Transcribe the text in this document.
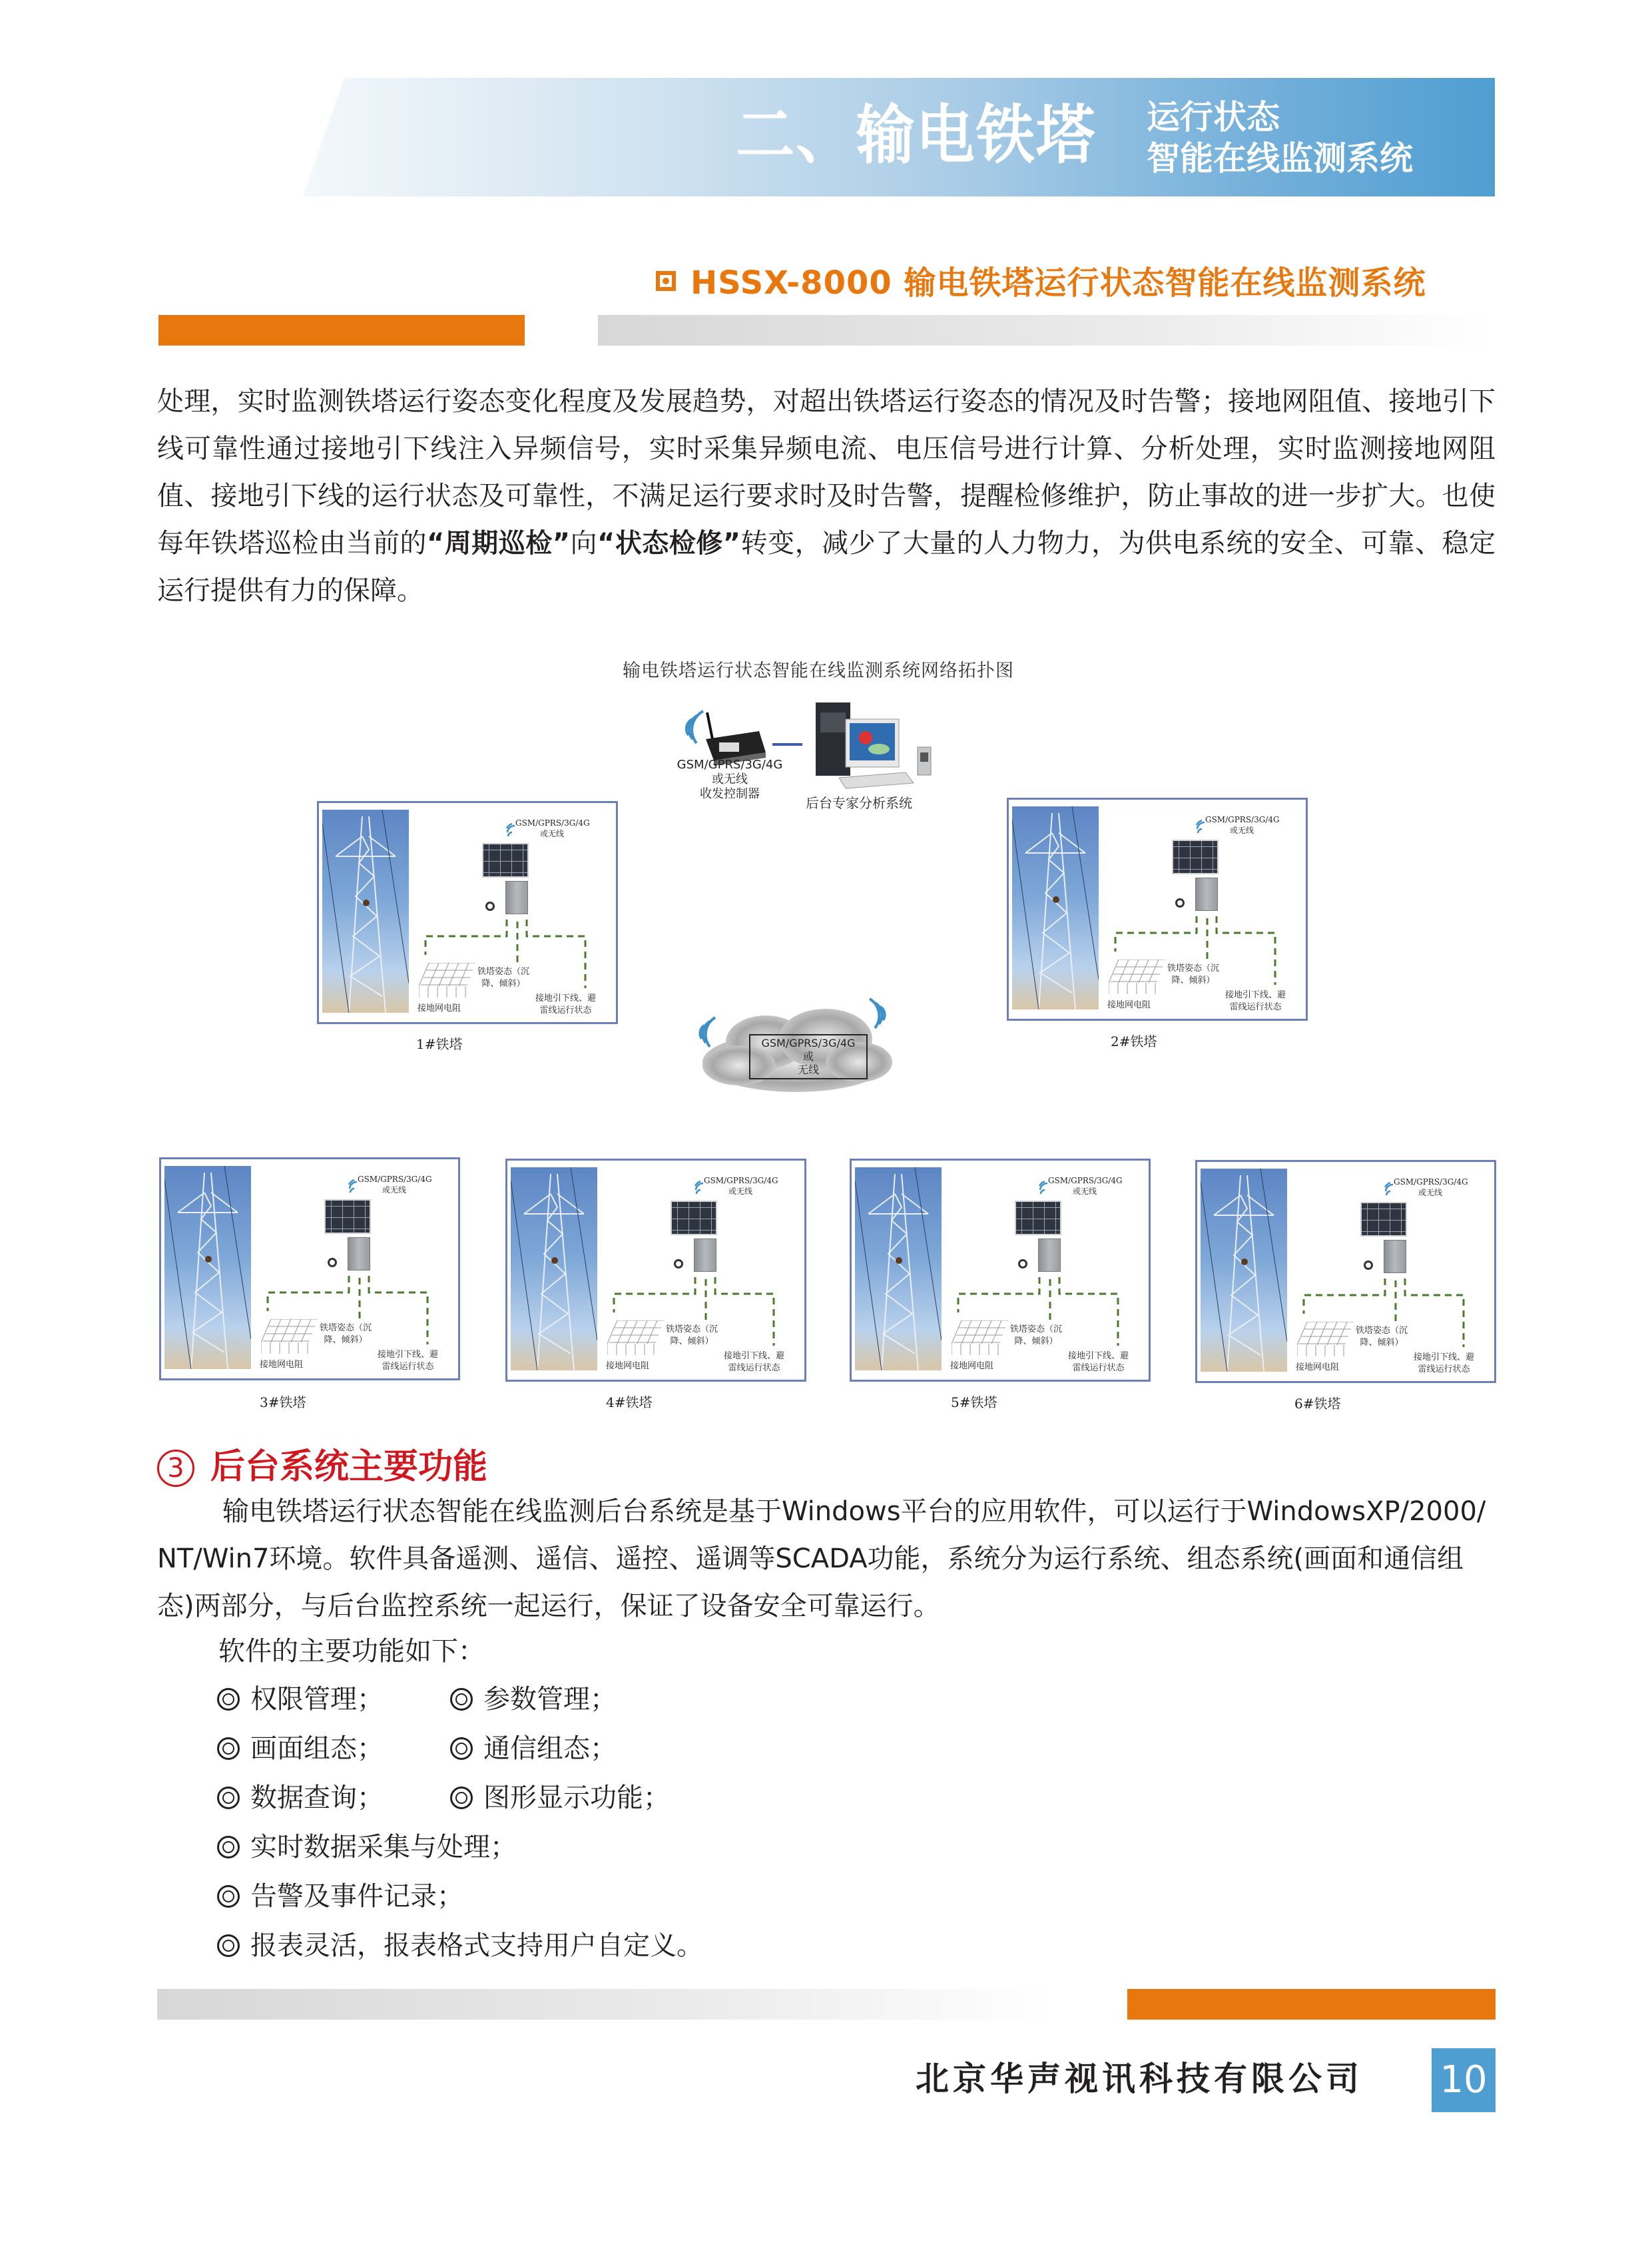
二、输电铁塔 运行状态
智能在线监测系统
HSSX-8000 输电铁塔运行状态智能在线监测系统
处理，实时监测铁塔运行姿态变化程度及发展趋势，对超出铁塔运行姿态的情况及时告警；接地网阻值、接地引下线可靠性通过接地引下线注入异频信号，实时采集异频电流、电压信号进行计算、分析处理，实时监测接地网阻值、接地引下线的运行状态及可靠性，不满足运行要求时及时告警，提醒检修维护，防止事故的进一步扩大。也使每年铁塔巡检由当前的“周期巡检”向“状态检修”转变，减少了大量的人力物力，为供电系统的安全、可靠、稳定运行提供有力的保障。
输电铁塔运行状态智能在线监测系统网络拓扑图
GSM/GPRS/3G/4G
或无线
收发控制器
后台专家分析系统
GSM/GPRS/3G/4G
或无线
铁塔姿态（沉
降、倾斜）
接地网电阻
接地引下线、避
雷线运行状态
1#铁塔
GSM/GPRS/3G/4G
或无线
铁塔姿态（沉
降、倾斜）
接地网电阻
接地引下线、避
雷线运行状态
2#铁塔
GSM/GPRS/3G/4G
或无线
铁塔姿态（沉
降、倾斜）
接地网电阻
接地引下线、避
雷线运行状态
3#铁塔
GSM/GPRS/3G/4G
或无线
铁塔姿态（沉
降、倾斜）
接地网电阻
接地引下线、避
雷线运行状态
4#铁塔
GSM/GPRS/3G/4G
或无线
铁塔姿态（沉
降、倾斜）
接地网电阻
接地引下线、避
雷线运行状态
5#铁塔
GSM/GPRS/3G/4G
或无线
铁塔姿态（沉
降、倾斜）
接地网电阻
接地引下线、避
雷线运行状态
6#铁塔
GSM/GPRS/3G/4G
或
无线
3 后台系统主要功能
输电铁塔运行状态智能在线监测后台系统是基于Windows平台的应用软件，可以运行于WindowsXP/2000/ NT/Win7环境。软件具备遥测、遥信、遥控、遥调等SCADA功能，系统分为运行系统、组态系统(画面和通信组态)两部分，与后台监控系统一起运行，保证了设备安全可靠运行。
软件的主要功能如下：
权限管理；	参数管理；
画面组态；	通信组态；
数据查询；	图形显示功能；
实时数据采集与处理；
告警及事件记录；
报表灵活，报表格式支持用户自定义。
北京华声视讯科技有限公司 10
